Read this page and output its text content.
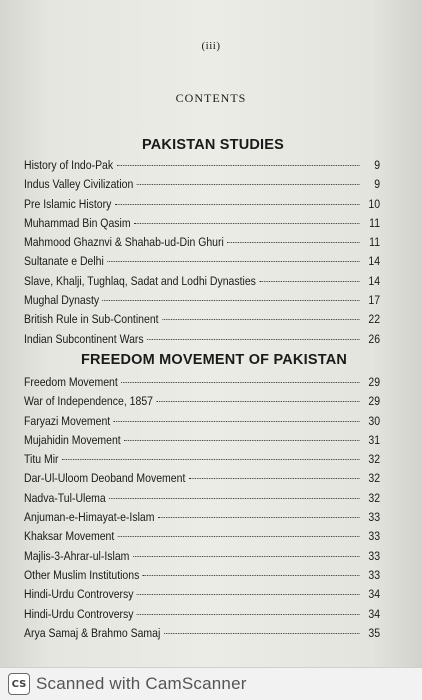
(iii)
CONTENTS
PAKISTAN STUDIES
History of Indo-Pak	9
Indus Valley Civilization	9
Pre Islamic History	10
Muhammad Bin Qasim	11
Mahmood Ghaznvi & Shahab-ud-Din Ghuri	11
Sultanate e Delhi	14
Slave, Khalji, Tughlaq, Sadat and Lodhi Dynasties	14
Mughal Dynasty	17
British Rule in Sub-Continent	22
Indian Subcontinent Wars	26
FREEDOM MOVEMENT OF PAKISTAN
Freedom Movement	29
War of Independence, 1857	29
Faryazi Movement	30
Mujahidin Movement	31
Titu Mir	32
Dar-Ul-Uloom Deoband Movement	32
Nadva-Tul-Ulema	32
Anjuman-e-Himayat-e-Islam	33
Khaksar Movement	33
Majlis-3-Ahrar-ul-Islam	33
Other Muslim Institutions	33
Hindi-Urdu Controversy	34
Hindi-Urdu Controversy	34
Arya Samaj & Brahmo Samaj	35
CS Scanned with CamScanner
